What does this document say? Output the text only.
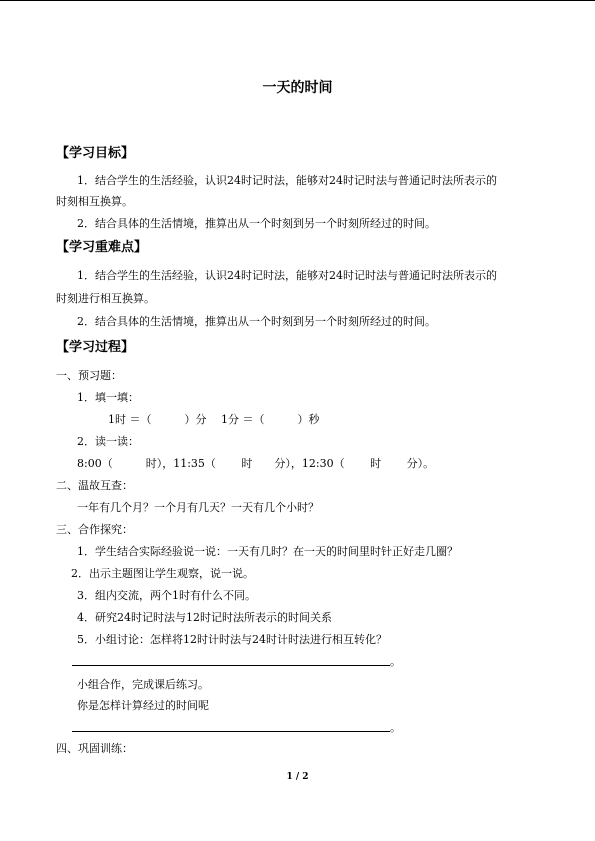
一天的时间
【学习目标】
1．结合学生的生活经验，认识24时记时法，能够对24时记时法与普通记时法所表示的
时刻相互换算。
2．结合具体的生活情境，推算出从一个时刻到另一个时刻所经过的时间。
【学习重难点】
1．结合学生的生活经验，认识24时记时法，能够对24时记时法与普通记时法所表示的
时刻进行相互换算。
2．结合具体的生活情境，推算出从一个时刻到另一个时刻所经过的时间。
【学习过程】
一、预习题：
1．填一填：
1时 ＝（　　　）分　 1分 ＝（　　　）秒
2．读一读：
8:00（　　　时），11:35（　　 时　　分），12:30（　　 时　　 分）。
二、温故互查：
一年有几个月？一个月有几天？一天有几个小时？
三、合作探究：
1．学生结合实际经验说一说：一天有几时？在一天的时间里时针正好走几圈？
2．出示主题图让学生观察，说一说。
3．组内交流，两个1时有什么不同。
4．研究24时记时法与12时记时法所表示的时间关系
5．小组讨论：怎样将12时计时法与24时计时法进行相互转化？
。
小组合作，完成课后练习。
你是怎样计算经过的时间呢
。
四、巩固训练：
1 / 2
